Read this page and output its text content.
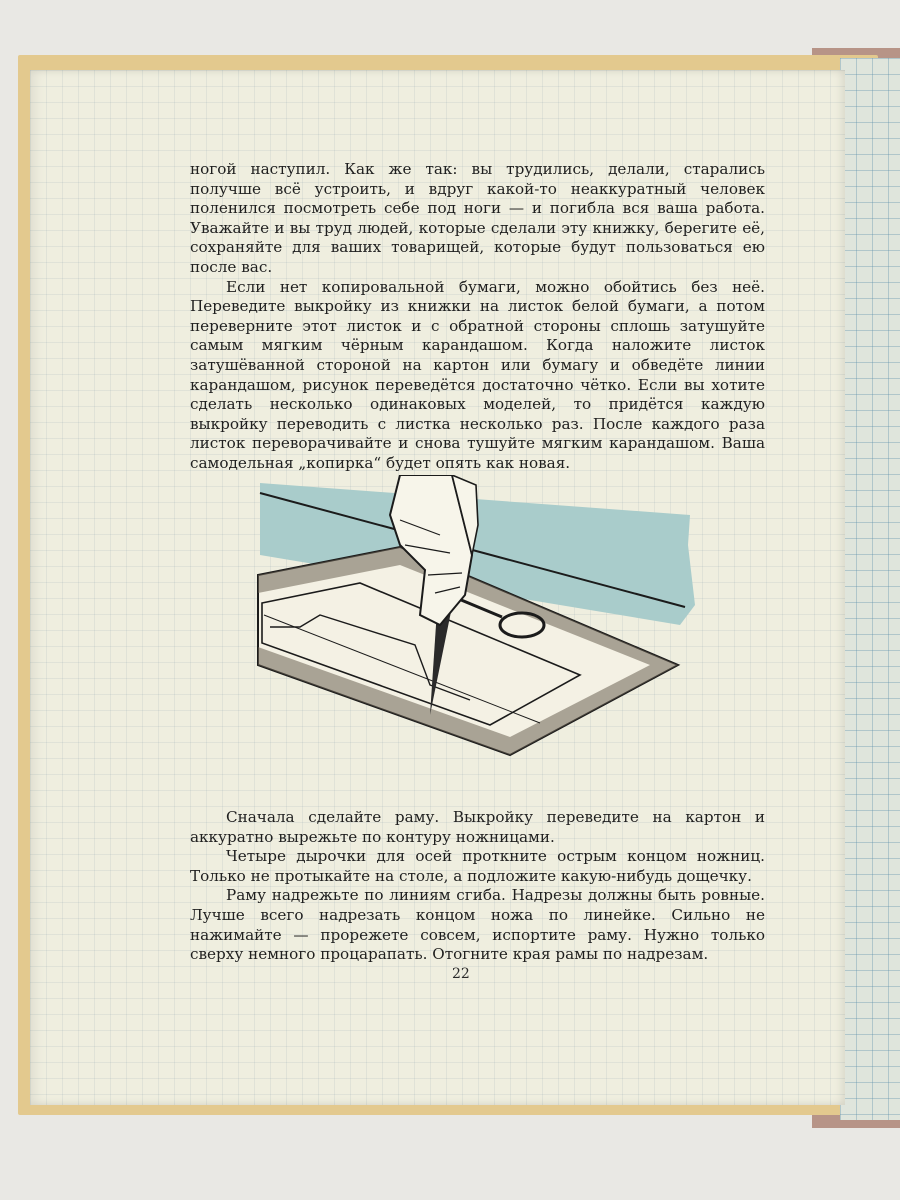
ногой наступил. Как же так: вы трудились, делали, старались получше всё устроить, и вдруг какой-то неаккуратный человек поленился посмотреть себе под ноги — и погибла вся ваша работа. Уважайте и вы труд людей, которые сделали эту книжку, берегите её, сохраняйте для ваших товарищей, которые будут пользоваться ею после вас.

Если нет копировальной бумаги, можно обойтись без неё. Переведите выкройку из книжки на листок белой бумаги, а потом переверните этот листок и с обратной стороны сплошь затушуйте самым мягким чёрным карандашом. Когда наложите листок затушёванной стороной на картон или бумагу и обведёте линии карандашом, рисунок переведётся достаточно чётко. Если вы хотите сделать несколько одинаковых моделей, то придётся каждую выкройку переводить с листка несколько раз. После каждого раза листок переворачивайте и снова тушуйте мягким карандашом. Ваша самодельная „копирка“ будет опять как новая.

Сначала сделайте раму. Выкройку переведите на картон и аккуратно вырежьте по контуру ножницами.

Четыре дырочки для осей проткните острым концом ножниц. Только не протыкайте на столе, а подложите какую-нибудь дощечку.

Раму надрежьте по линиям сгиба. Надрезы должны быть ровные. Лучше всего надрезать концом ножа по линейке. Сильно не нажимайте — прорежете совсем, испортите раму. Нужно только сверху немного процарапать. Отогните края рамы по надрезам.

22
